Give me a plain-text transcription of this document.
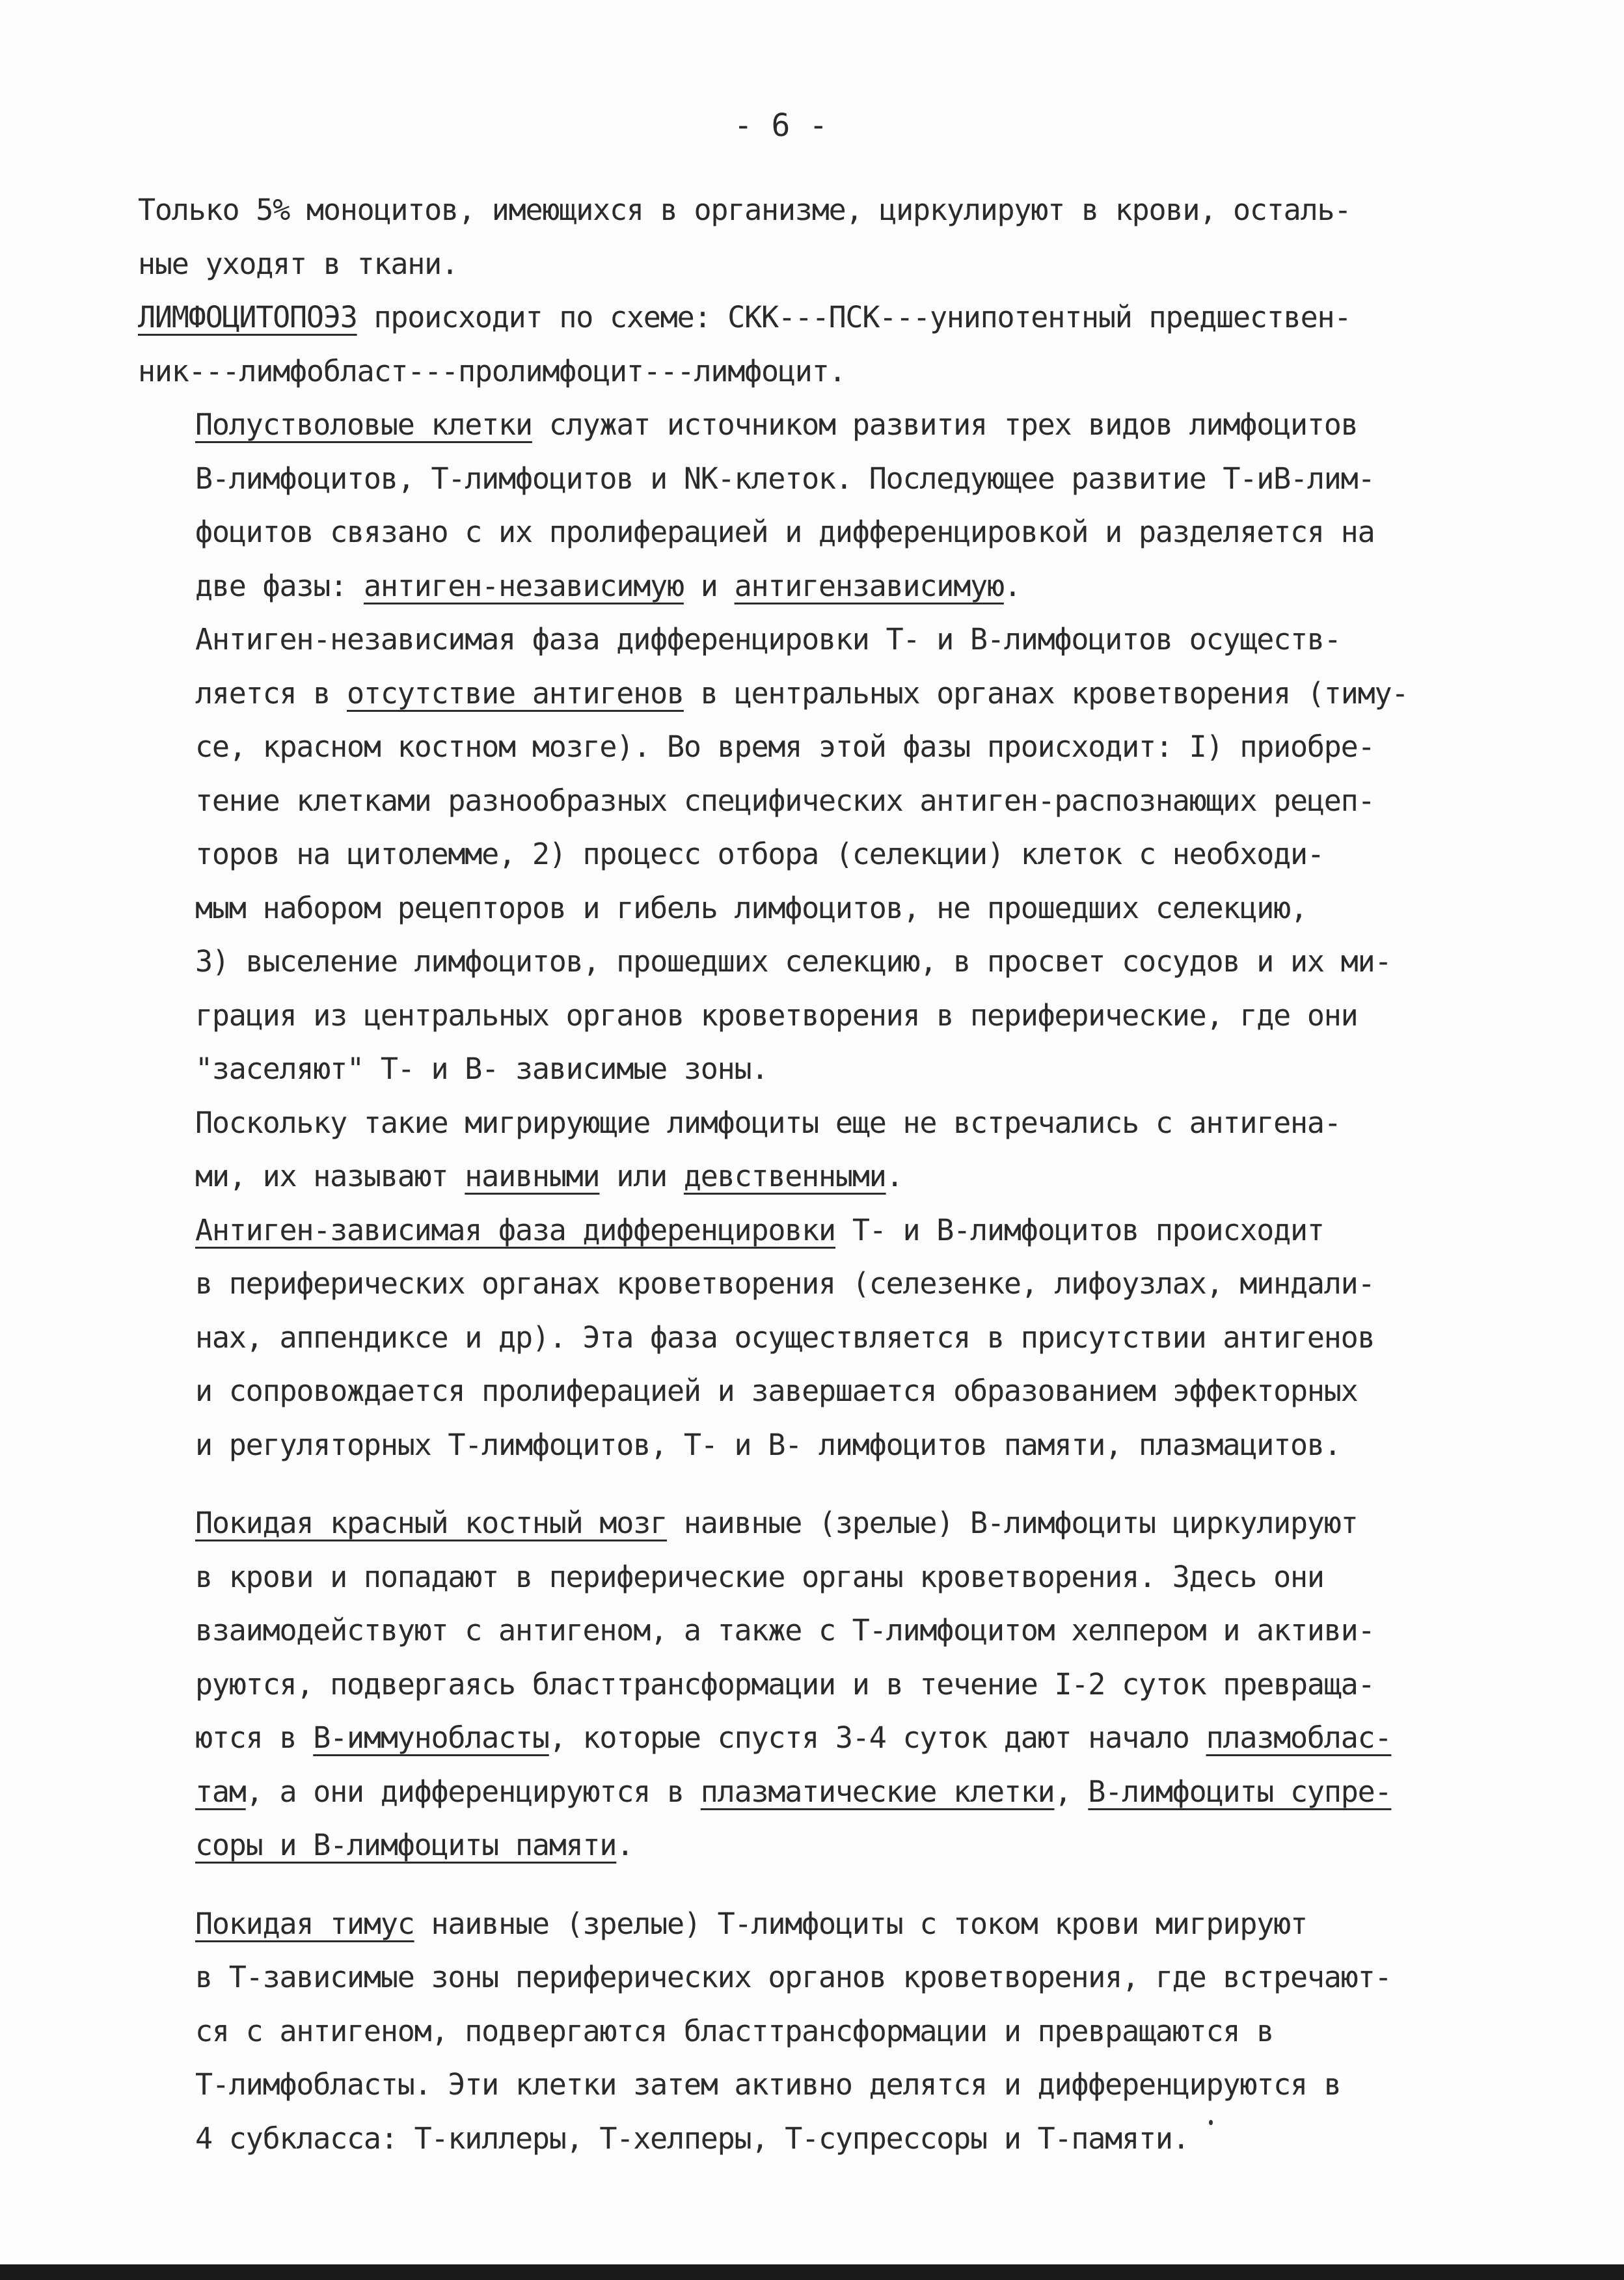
- 6 -
Только 5% моноцитов, имеющихся в организме, циркулируют в крови, осталь-
ные уходят в ткани.
ЛИМФОЦИТОПОЭЗ происходит по схеме: СКК---ПСК---унипотентный предшествен-
ник---лимфобласт---пролимфоцит---лимфоцит.
Полустволовые клетки служат источником развития трех видов лимфоцитов
В-лимфоцитов, Т-лимфоцитов и NК-клеток. Последующее развитие Т-иВ-лим-
фоцитов связано с их пролиферацией и дифференцировкой и разделяется на
две фазы: антиген-независимую и антигензависимую.
Антиген-независимая фаза дифференцировки Т- и В-лимфоцитов осуществ-
ляется в отсутствие антигенов в центральных органах кроветворения (тиму-
се, красном костном мозге). Во время этой фазы происходит: I) приобре-
тение клетками разнообразных специфических антиген-распознающих рецеп-
торов на цитолемме, 2) процесс отбора (селекции) клеток с необходи-
мым набором рецепторов и гибель лимфоцитов, не прошедших селекцию,
3) выселение лимфоцитов, прошедших селекцию, в просвет сосудов и их ми-
грация из центральных органов кроветворения в периферические, где они
"заселяют" Т- и В- зависимые зоны.
Поскольку такие мигрирующие лимфоциты еще не встречались с антигена-
ми, их называют наивными или девственными.
Антиген-зависимая фаза дифференцировки Т- и В-лимфоцитов происходит
в периферических органах кроветворения (селезенке, лифоузлах, миндали-
нах, аппендиксе и др). Эта фаза осуществляется в присутствии антигенов
и сопровождается пролиферацией и завершается образованием эффекторных
и регуляторных Т-лимфоцитов, Т- и В- лимфоцитов памяти, плазмацитов.
Покидая красный костный мозг наивные (зрелые) В-лимфоциты циркулируют
в крови и попадают в периферические органы кроветворения. Здесь они
взаимодействуют с антигеном, а также с Т-лимфоцитом хелпером и активи-
руются, подвергаясь бласттрансформации и в течение I-2 суток превраща-
ются в В-иммунобласты, которые спустя 3-4 суток дают начало плазмоблас-
там, а они дифференцируются в плазматические клетки, В-лимфоциты супре-
соры и В-лимфоциты памяти.
Покидая тимус наивные (зрелые) Т-лимфоциты с током крови мигрируют
в Т-зависимые зоны периферических органов кроветворения, где встречают-
ся с антигеном, подвергаются бласттрансформации и превращаются в
Т-лимфобласты. Эти клетки затем активно делятся и дифференцируются в
4 субкласса: Т-киллеры, Т-хелперы, Т-супрессоры и Т-памяти.
